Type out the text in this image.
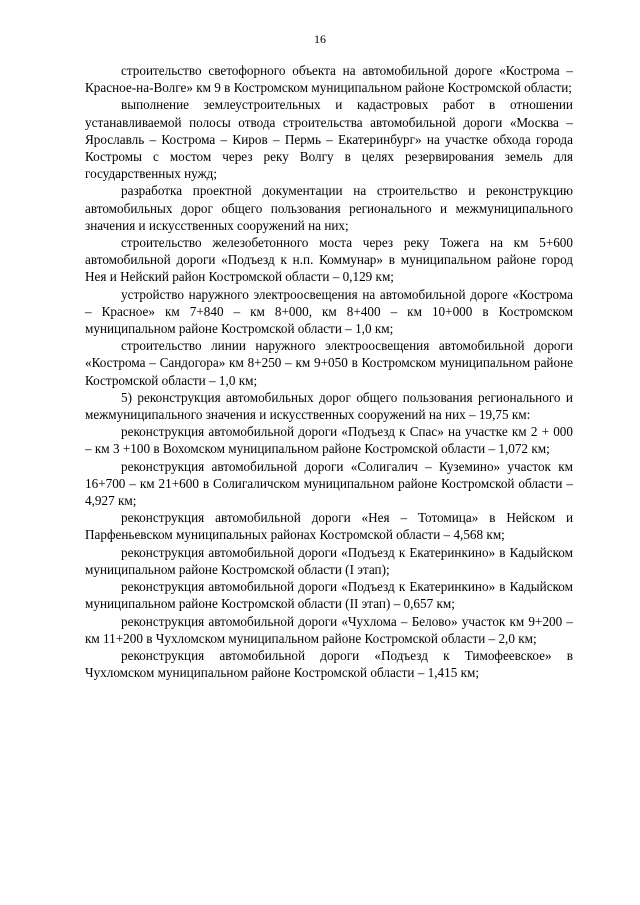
16

строительство светофорного объекта на автомобильной дороге «Кострома – Красное-на-Волге» км 9 в Костромском муниципальном районе Костромской области;

выполнение землеустроительных и кадастровых работ в отношении устанавливаемой полосы отвода строительства автомобильной дороги «Москва – Ярославль – Кострома – Киров – Пермь – Екатеринбург» на участке обхода города Костромы с мостом через реку Волгу в целях резервирования земель для государственных нужд;

разработка проектной документации на строительство и реконструкцию автомобильных дорог общего пользования регионального и межмуниципального значения и искусственных сооружений на них;

строительство железобетонного моста через реку Тожега на км 5+600 автомобильной дороги «Подъезд к н.п. Коммунар» в муниципальном районе город Нея и Нейский район Костромской области – 0,129 км;

устройство наружного электроосвещения на автомобильной дороге «Кострома – Красное» км 7+840 – км 8+000, км 8+400 – км 10+000 в Костромском муниципальном районе Костромской области – 1,0 км;

строительство линии наружного электроосвещения автомобильной дороги «Кострома – Сандогора» км 8+250 – км 9+050 в Костромском муниципальном районе Костромской области – 1,0 км;

5) реконструкция автомобильных дорог общего пользования регионального и межмуниципального значения и искусственных сооружений на них – 19,75 км:

реконструкция автомобильной дороги «Подъезд к Спас» на участке км 2 + 000 – км 3 +100 в Вохомском муниципальном районе Костромской области – 1,072 км;

реконструкция автомобильной дороги «Солигалич – Куземино» участок км 16+700 – км 21+600 в Солигаличском муниципальном районе Костромской области – 4,927 км;

реконструкция автомобильной дороги «Нея – Тотомица» в Нейском и Парфеньевском муниципальных районах Костромской области – 4,568 км;

реконструкция автомобильной дороги «Подъезд к Екатеринкино» в Кадыйском муниципальном районе Костромской области (I этап);

реконструкция автомобильной дороги «Подъезд к Екатеринкино» в Кадыйском муниципальном районе Костромской области (II этап) – 0,657 км;

реконструкция автомобильной дороги «Чухлома – Белово» участок км 9+200 – км 11+200 в Чухломском муниципальном районе Костромской области – 2,0 км;

реконструкция автомобильной дороги «Подъезд к Тимофеевское» в Чухломском муниципальном районе Костромской области – 1,415 км;
